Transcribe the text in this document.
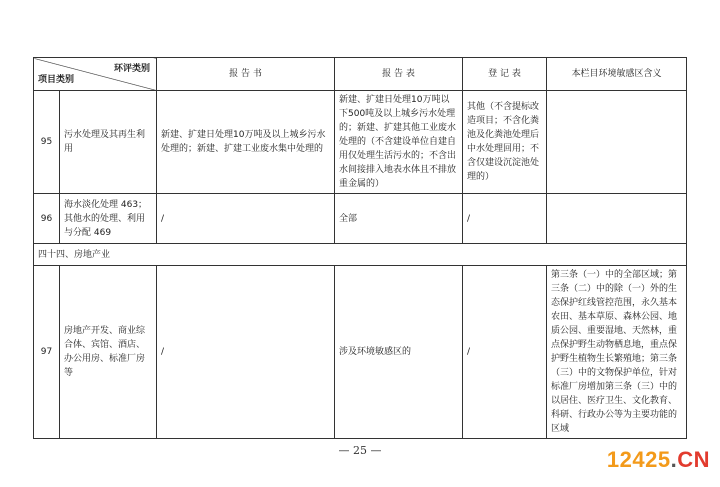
环评类别
项目类别		报 告 书	报 告 表	登 记 表	本栏目环境敏感区含义
95	污水处理及其再生利用	新建、扩建日处理10万吨及以上城乡污水处理的；新建、扩建工业废水集中处理的	新建、扩建日处理10万吨以下500吨及以上城乡污水处理的；新建、扩建其他工业废水处理的（不含建设单位自建自用仅处理生活污水的；不含出水间接排入地表水体且不排放重金属的）	其他（不含提标改造项目；不含化粪池及化粪池处理后中水处理回用；不含仅建设沉淀池处理的）	
96	海水淡化处理 463；其他水的处理、利用与分配 469	/	全部	/	
四十四、房地产业					
97	房地产开发、商业综合体、宾馆、酒店、办公用房、标准厂房等	/	涉及环境敏感区的	/	第三条（一）中的全部区域；第三条（二）中的除（一）外的生态保护红线管控范围，永久基本农田、基本草原、森林公园、地质公园、重要湿地、天然林，重点保护野生动物栖息地，重点保护野生植物生长繁殖地；第三条（三）中的文物保护单位，针对标准厂房增加第三条（三）中的以居住、医疗卫生、文化教育、科研、行政办公等为主要功能的区域
— 25 —	12425.CN
